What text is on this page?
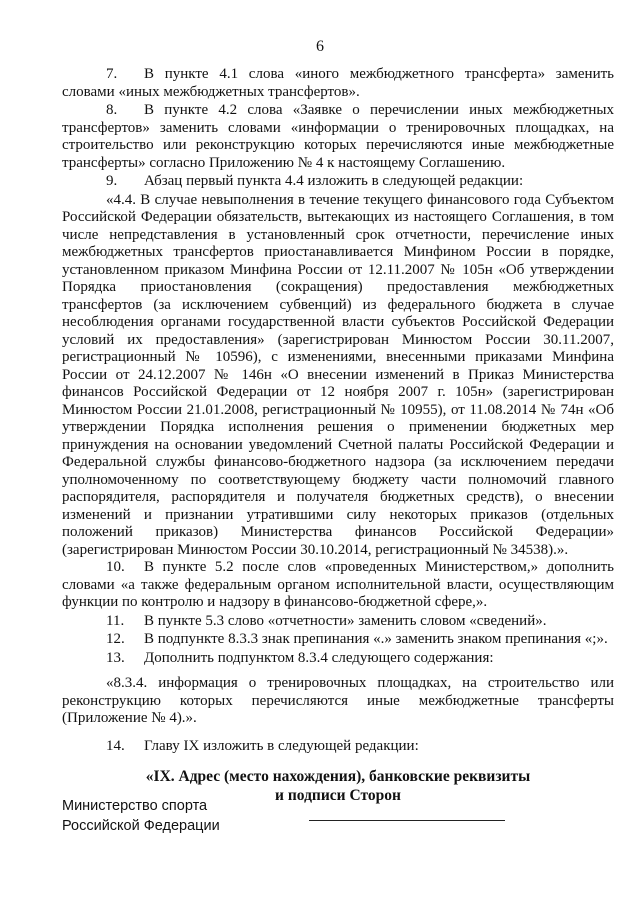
6

7. В пункте 4.1 слова «иного межбюджетного трансферта» заменить словами «иных межбюджетных трансфертов».

8. В пункте 4.2 слова «Заявке о перечислении иных межбюджетных трансфертов» заменить словами «информации о тренировочных площадках, на строительство или реконструкцию которых перечисляются иные межбюджетные трансферты» согласно Приложению № 4 к настоящему Соглашению.

9. Абзац первый пункта 4.4 изложить в следующей редакции:

«4.4. В случае невыполнения в течение текущего финансового года Субъектом Российской Федерации обязательств, вытекающих из настоящего Соглашения, в том числе непредставления в установленный срок отчетности, перечисление иных межбюджетных трансфертов приостанавливается Минфином России в порядке, установленном приказом Минфина России от 12.11.2007 № 105н «Об утверждении Порядка приостановления (сокращения) предоставления межбюджетных трансфертов (за исключением субвенций) из федерального бюджета в случае несоблюдения органами государственной власти субъектов Российской Федерации условий их предоставления» (зарегистрирован Минюстом России 30.11.2007, регистрационный № 10596), с изменениями, внесенными приказами Минфина России от 24.12.2007 № 146н «О внесении изменений в Приказ Министерства финансов Российской Федерации от 12 ноября 2007 г. 105н» (зарегистрирован Минюстом России 21.01.2008, регистрационный № 10955), от 11.08.2014 № 74н «Об утверждении Порядка исполнения решения о применении бюджетных мер принуждения на основании уведомлений Счетной палаты Российской Федерации и Федеральной службы финансово-бюджетного надзора (за исключением передачи уполномоченному по соответствующему бюджету части полномочий главного распорядителя, распорядителя и получателя бюджетных средств), о внесении изменений и признании утратившими силу некоторых приказов (отдельных положений приказов) Министерства финансов Российской Федерации» (зарегистрирован Минюстом России 30.10.2014, регистрационный № 34538).».

10. В пункте 5.2 после слов «проведенных Министерством,» дополнить словами «а также федеральным органом исполнительной власти, осуществляющим функции по контролю и надзору в финансово-бюджетной сфере,».

11. В пункте 5.3 слово «отчетности» заменить словом «сведений».

12. В подпункте 8.3.3 знак препинания «.» заменить знаком препинания «;».

13. Дополнить подпунктом 8.3.4 следующего содержания:

«8.3.4. информация о тренировочных площадках, на строительство или реконструкцию которых перечисляются иные межбюджетные трансферты (Приложение № 4).».

14. Главу IX изложить в следующей редакции:

«IX. Адрес (место нахождения), банковские реквизиты
и подписи Сторон
Министерство спорта
Российской Федерации
